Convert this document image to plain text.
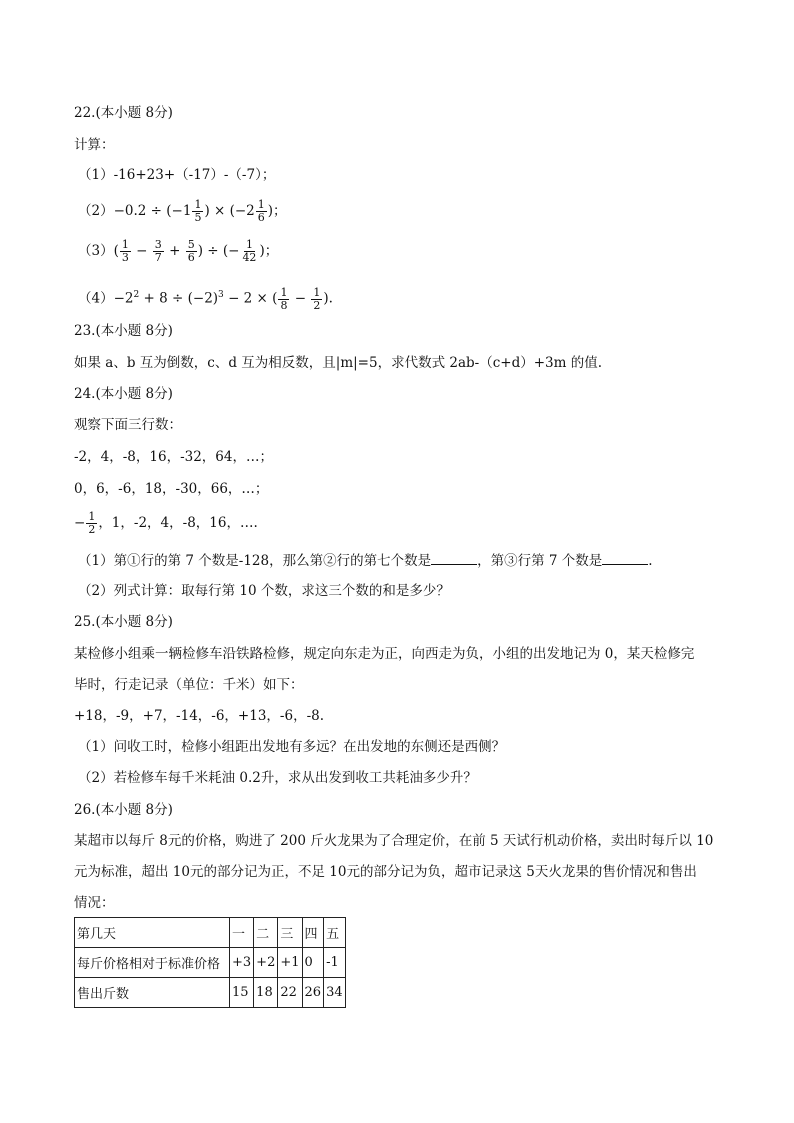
22.(本小题 8分)
计算：
（1）-16+23+（-17）-（-7）；
$(2)-0.2 \div (-1 \frac{1}{5}$ ) × ($-2 \frac{1}{6}$ )；
$(3)( \frac{1}{3} - \frac{3}{7} + \frac{5}{6}$ ) ÷ (− $\frac{1}{42}$ )；
$(4)-2^2 + 8 \div (-2)^3 - 2$ × ( $\frac{1}{8} - \frac{1}{2}$ ).
23.(本小题 8分)
如果 a、b 互为倒数，c、d 互为相反数，且|m|=5，求代数式 2ab-（c+d）+3m 的值.
24.(本小题 8分)
观察下面三行数：
-2，4，-8，16，-32，64，…；
0，6，-6，18，-30，66，…；
− $\frac{1}{2}$ ，1，-2，4，-8，16，….
（1）第①行的第 7 个数是-128，那么第②行的第七个数是	，第③行第 7 个数是	.
（2）列式计算：取每行第 10 个数，求这三个数的和是多少？
25.(本小题 8分)
某检修小组乘一辆检修车沿铁路检修，规定向东走为正，向西走为负，小组的出发地记为 0，某天检修完
毕时，行走记录（单位：千米）如下：
+18，-9，+7，-14，-6，+13，-6，-8.
（1）问收工时，检修小组距出发地有多远？在出发地的东侧还是西侧？
（2）若检修车每千米耗油 0.2升，求从出发到收工共耗油多少升？
26.(本小题 8分)
某超市以每斤 8元的价格，购进了 200 斤火龙果为了合理定价，在前 5 天试行机动价格，卖出时每斤以 10
元为标准，超出 10元的部分记为正，不足 10元的部分记为负，超市记录这 5天火龙果的售价情况和售出
情况：
第几天	一	二	三	四	五
每斤价格相对于标准价格	+3	+2	+1	0	-1
售出斤数	15	18	22	26	34
